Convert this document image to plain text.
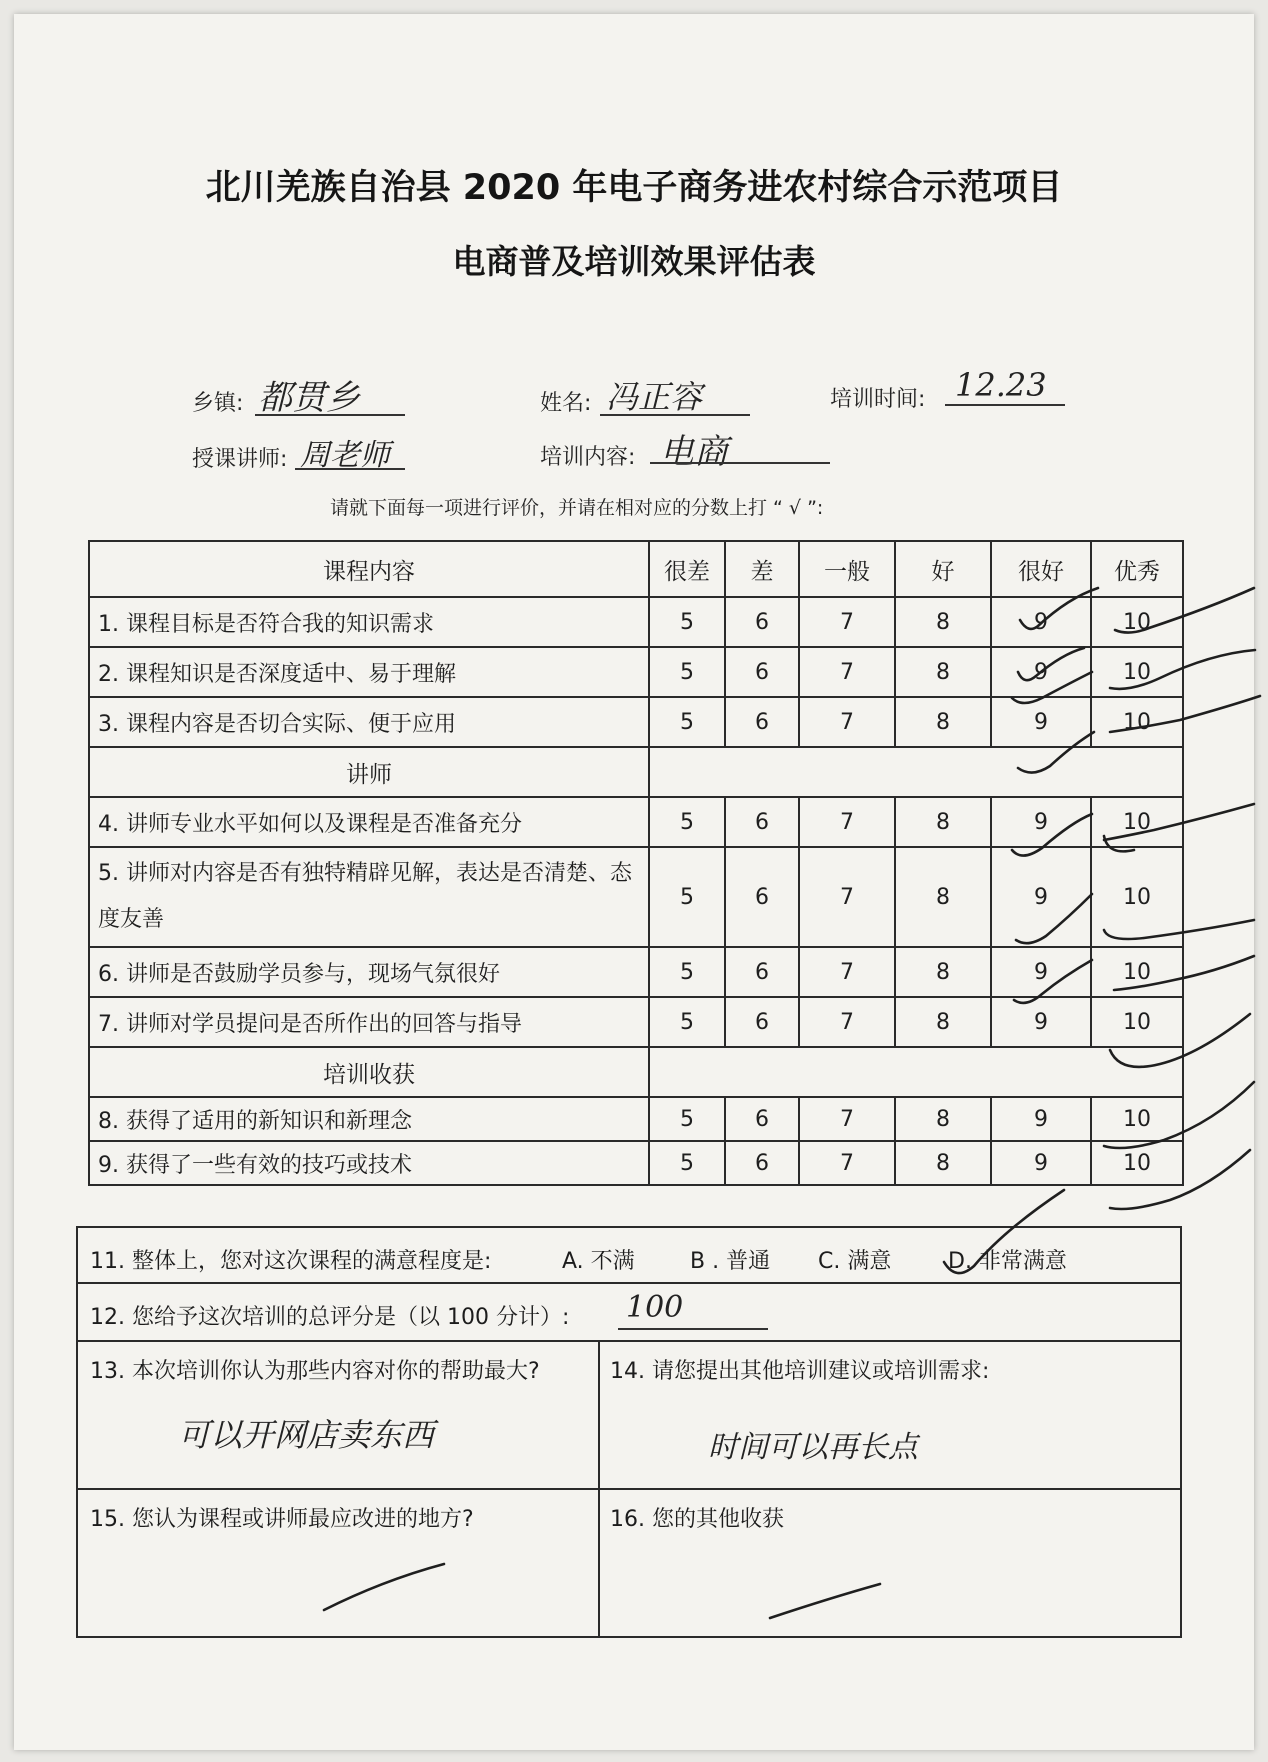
北川羌族自治县 2020 年电子商务进农村综合示范项目
电商普及培训效果评估表
乡镇: 都贯乡	姓名: 冯正容	培训时间: 12.23
授课讲师: 周老师	培训内容: 电商
请就下面每一项进行评价，并请在相对应的分数上打 “ √ ”:
课程内容	很差	差	一般	好	很好	优秀
1. 课程目标是否符合我的知识需求	5	6	7	8	9	10
2. 课程知识是否深度适中、易于理解	5	6	7	8	9	10
3. 课程内容是否切合实际、便于应用	5	6	7	8	9	10
讲师						
4. 讲师专业水平如何以及课程是否准备充分	5	6	7	8	9	10
5. 讲师对内容是否有独特精辟见解，表达是否清楚、态度友善	5	6	7	8	9	10
6. 讲师是否鼓励学员参与，现场气氛很好	5	6	7	8	9	10
7. 讲师对学员提问是否所作出的回答与指导	5	6	7	8	9	10
培训收获						
8. 获得了适用的新知识和新理念	5	6	7	8	9	10
9. 获得了一些有效的技巧或技术	5	6	7	8	9	10
11. 整体上，您对这次课程的满意程度是:	A. 不满	B . 普通 C. 满意	D. 非常满意
12. 您给予这次培训的总评分是（以 100 分计）: 100
13. 本次培训你认为那些内容对你的帮助最大?
可以开网店卖东西
14. 请您提出其他培训建议或培训需求:
时间可以再长点
15. 您认为课程或讲师最应改进的地方?	16. 您的其他收获
